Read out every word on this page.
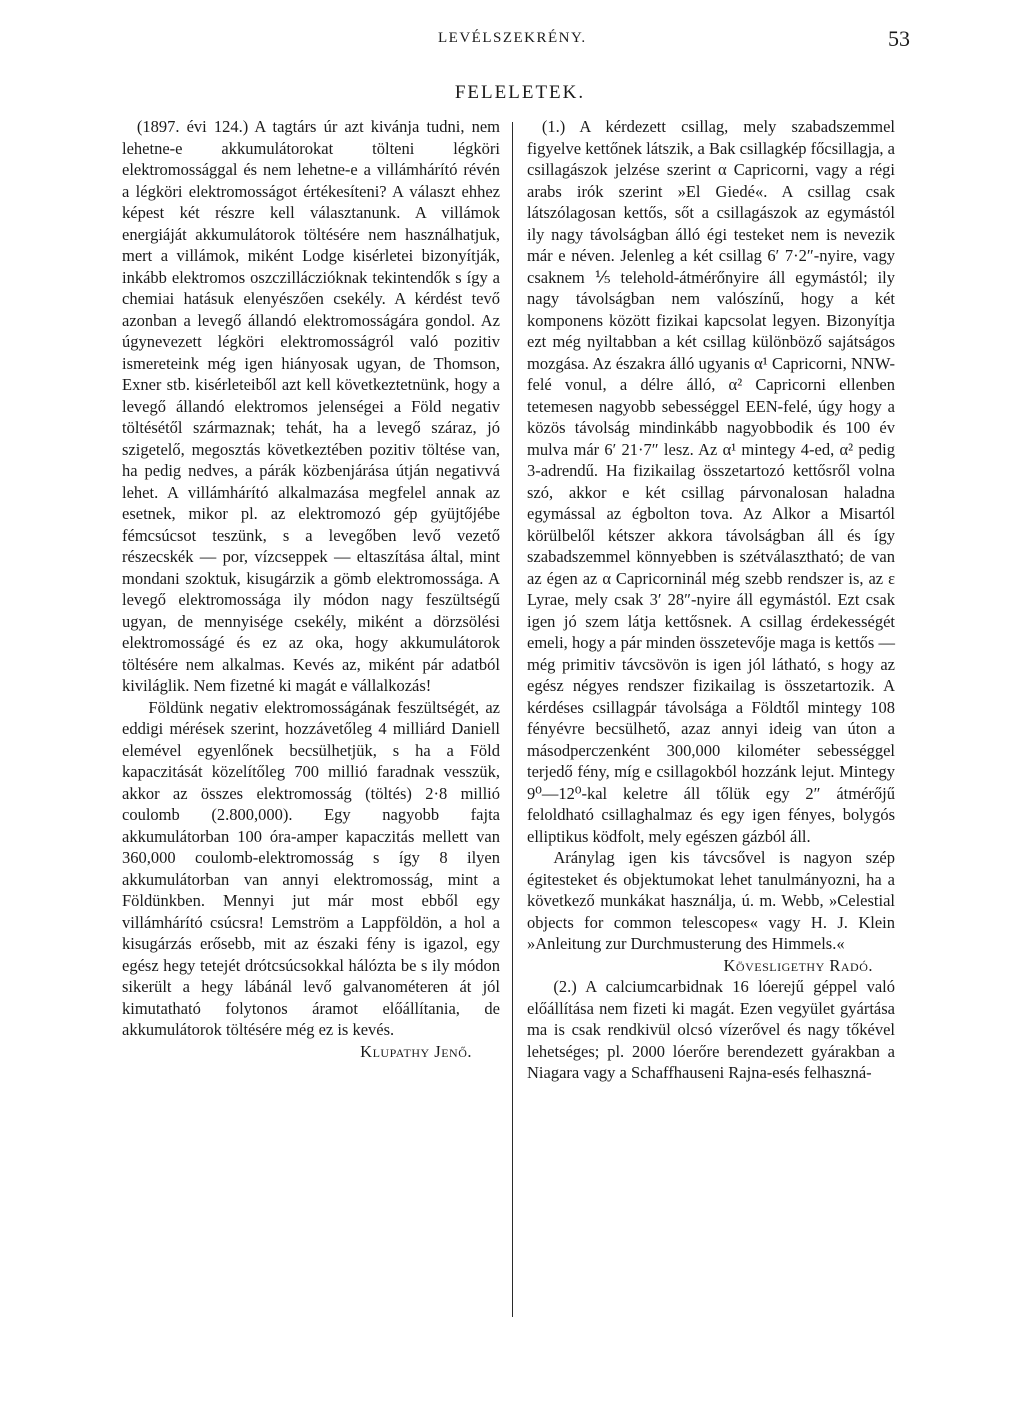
LEVÉLSZEKRÉNY.	53
FELELETEK.

(1897. évi 124.) A tagtárs úr azt kivánja tudni, nem lehetne-e akkumulátorokat tölteni légköri elektromossággal és nem lehetne-e a villámhárító révén a légköri elektromosságot értékesíteni? A választ ehhez képest két részre kell választanunk. A villámok energiáját akkumulátorok töltésére nem használhatjuk, mert a villámok, miként Lodge kisérletei bizonyítják, inkább elektromos oszczilláczióknak tekintendők s így a chemiai hatásuk elenyészően csekély. A kérdést tevő azonban a levegő állandó elektromosságára gondol. Az úgynevezett légköri elektromosságról való pozitiv ismereteink még igen hiányosak ugyan, de Thomson, Exner stb. kisérleteiből azt kell következtetnünk, hogy a levegő állandó elektromos jelenségei a Föld negativ töltésétől származnak; tehát, ha a levegő száraz, jó szigetelő, megosztás következtében pozitiv töltése van, ha pedig nedves, a párák közbenjárása útján negativvá lehet. A villámhárító alkalmazása megfelel annak az esetnek, mikor pl. az elektromozó gép gyüjtőjébe fémcsúcsot teszünk, s a levegőben levő vezető részecskék — por, vízcseppek — eltaszítása által, mint mondani szoktuk, kisugárzik a gömb elektromossága. A levegő elektromossága ily módon nagy feszültségű ugyan, de mennyisége csekély, miként a dörzsölési elektromosságé és ez az oka, hogy akkumulátorok töltésére nem alkalmas. Kevés az, miként pár adatból kiviláglik. Nem fizetné ki magát e vállalkozás!

Földünk negativ elektromosságának feszültségét, az eddigi mérések szerint, hozzávetőleg 4 milliárd Daniell elemével egyenlőnek becsülhetjük, s ha a Föld kapaczitását közelítőleg 700 millió faradnak vesszük, akkor az összes elektromosság (töltés) 2·8 millió coulomb (2.800,000). Egy nagyobb fajta akkumulátorban 100 óra-amper kapaczitás mellett van 360,000 coulomb-elektromosság s így 8 ilyen akkumulátorban van annyi elektromosság, mint a Földünkben. Mennyi jut már most ebből egy villámhárító csúcsra! Lemström a Lappföldön, a hol a kisugárzás erősebb, mit az északi fény is igazol, egy egész hegy tetejét drótcsúcsokkal hálózta be s ily módon sikerült a hegy lábánál levő galvanométeren át jól kimutatható folytonos áramot előállítania, de akkumulátorok töltésére még ez is kevés.

Klupathy Jenő.

(1.) A kérdezett csillag, mely szabadszemmel figyelve kettőnek látszik, a Bak csillagkép főcsillagja, a csillagászok jelzése szerint α Capricorni, vagy a régi arabs irók szerint »El Giedé«. A csillag csak látszólagosan kettős, sőt a csillagászok az egymástól ily nagy távolságban álló égi testeket nem is nevezik már e néven. Jelenleg a két csillag 6′ 7·2″-nyire, vagy csaknem ⅕ telehold-átmérőnyire áll egymástól; ily nagy távolságban nem valószínű, hogy a két komponens között fizikai kapcsolat legyen. Bizonyítja ezt még nyiltabban a két csillag különböző sajátságos mozgása. Az északra álló ugyanis α¹ Capricorni, NNW-felé vonul, a délre álló, α² Capricorni ellenben tetemesen nagyobb sebességgel EEN-felé, úgy hogy a közös távolság mindinkább nagyobbodik és 100 év mulva már 6′ 21·7″ lesz. Az α¹ mintegy 4-ed, α² pedig 3-adrendű. Ha fizikailag összetartozó kettősről volna szó, akkor e két csillag párvonalosan haladna egymással az égbolton tova. Az Alkor a Misartól körülbelől kétszer akkora távolságban áll és így szabadszemmel könnyebben is szétválasztható; de van az égen az α Capricorninál még szebb rendszer is, az ε Lyrae, mely csak 3′ 28″-nyire áll egymástól. Ezt csak igen jó szem látja kettősnek. A csillag érdekességét emeli, hogy a pár minden összetevője maga is kettős — még primitiv távcsövön is igen jól látható, s hogy az egész négyes rendszer fizikailag is összetartozik. A kérdéses csillagpár távolsága a Földtől mintegy 108 fényévre becsülhető, azaz annyi ideig van úton a másodperczenként 300,000 kilométer sebességgel terjedő fény, míg e csillagokból hozzánk lejut. Mintegy 9⁰—12⁰-kal keletre áll tőlük egy 2″ átmérőjű feloldható csillaghalmaz és egy igen fényes, bolygós elliptikus ködfolt, mely egészen gázból áll.

Aránylag igen kis távcsővel is nagyon szép égitesteket és objektumokat lehet tanulmányozni, ha a következő munkákat használja, ú. m. Webb, »Celestial objects for common telescopes« vagy H. J. Klein »Anleitung zur Durchmusterung des Himmels.«

Kövesligethy Radó.

(2.) A calciumcarbidnak 16 lóerejű géppel való előállítása nem fizeti ki magát. Ezen vegyület gyártása ma is csak rendkivül olcsó vízerővel és nagy tőkével lehetséges; pl. 2000 lóerőre berendezett gyárakban a Niagara vagy a Schaffhauseni Rajna-esés felhaszná-
